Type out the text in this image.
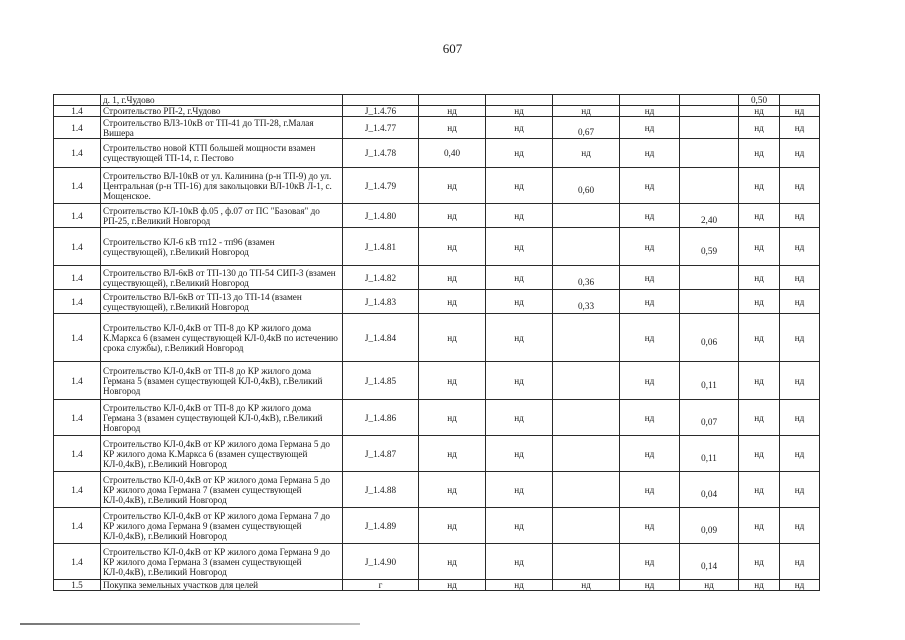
607
	д. 1, г.Чудово							0,50		
1.4	Строительство РП-2, г.Чудово	J_1.4.76	нд	нд	нд	нд		нд	нд	
1.4	Строительство ВЛЗ-10кВ от ТП-41 до ТП-28, г.Малая Вишера	J_1.4.77	нд	нд	0,67	нд		нд	нд	
1.4	Строительство новой КТП большей мощности взамен существующей ТП-14, г. Пестово	J_1.4.78	0,40	нд	нд	нд		нд	нд	
1.4	Строительство ВЛ-10кВ от ул. Калинина (р-н ТП-9) до ул. Центральная (р-н ТП-16) для закольцовки ВЛ-10кВ Л-1, с. Мощенское.	J_1.4.79	нд	нд	0,60	нд		нд	нд	
1.4	Строительство КЛ-10кВ ф.05 , ф.07 от ПС "Базовая" до РП-25, г.Великий Новгород	J_1.4.80	нд	нд		нд	2,40	нд	нд	
1.4	Строительство КЛ-6 кВ тп12 - тп96 (взамен существующей), г.Великий Новгород	J_1.4.81	нд	нд		нд	0,59	нд	нд	
1.4	Строительство ВЛ-6кВ от ТП-130 до ТП-54 СИП-3 (взамен существующей), г.Великий Новгород	J_1.4.82	нд	нд	0,36	нд		нд	нд	
1.4	Строительство ВЛ-6кВ от ТП-13 до ТП-14 (взамен существующей), г.Великий Новгород	J_1.4.83	нд	нд	0,33	нд		нд	нд	
1.4	Строительство КЛ-0,4кВ от ТП-8 до КР жилого дома К.Маркса 6 (взамен существующей КЛ-0,4кВ по истечению срока службы), г.Великий Новгород	J_1.4.84	нд	нд		нд	0,06	нд	нд	
1.4	Строительство КЛ-0,4кВ от ТП-8 до КР жилого дома Германа 5 (взамен существующей КЛ-0,4кВ), г.Великий Новгород	J_1.4.85	нд	нд		нд	0,11	нд	нд	
1.4	Строительство КЛ-0,4кВ от ТП-8 до КР жилого дома Германа 3 (взамен существующей КЛ-0,4кВ), г.Великий Новгород	J_1.4.86	нд	нд		нд	0,07	нд	нд	
1.4	Строительство КЛ-0,4кВ от КР жилого дома Германа 5 до КР жилого дома К.Маркса 6 (взамен существующей КЛ-0,4кВ), г.Великий Новгород	J_1.4.87	нд	нд		нд	0,11	нд	нд	
1.4	Строительство КЛ-0,4кВ от КР жилого дома Германа 5 до КР жилого дома Германа 7 (взамен существующей КЛ-0,4кВ), г.Великий Новгород	J_1.4.88	нд	нд		нд	0,04	нд	нд	
1.4	Строительство КЛ-0,4кВ от КР жилого дома Германа 7 до КР жилого дома Германа 9 (взамен существующей КЛ-0,4кВ), г.Великий Новгород	J_1.4.89	нд	нд		нд	0,09	нд	нд	
1.4	Строительство КЛ-0,4кВ от КР жилого дома Германа 9 до КР жилого дома Германа 3 (взамен существующей КЛ-0,4кВ), г.Великий Новгород	J_1.4.90	нд	нд		нд	0,14	нд	нд	
1.5	Покупка земельных участков для целей	г	нд	нд	нд	нд	нд	нд	нд	
